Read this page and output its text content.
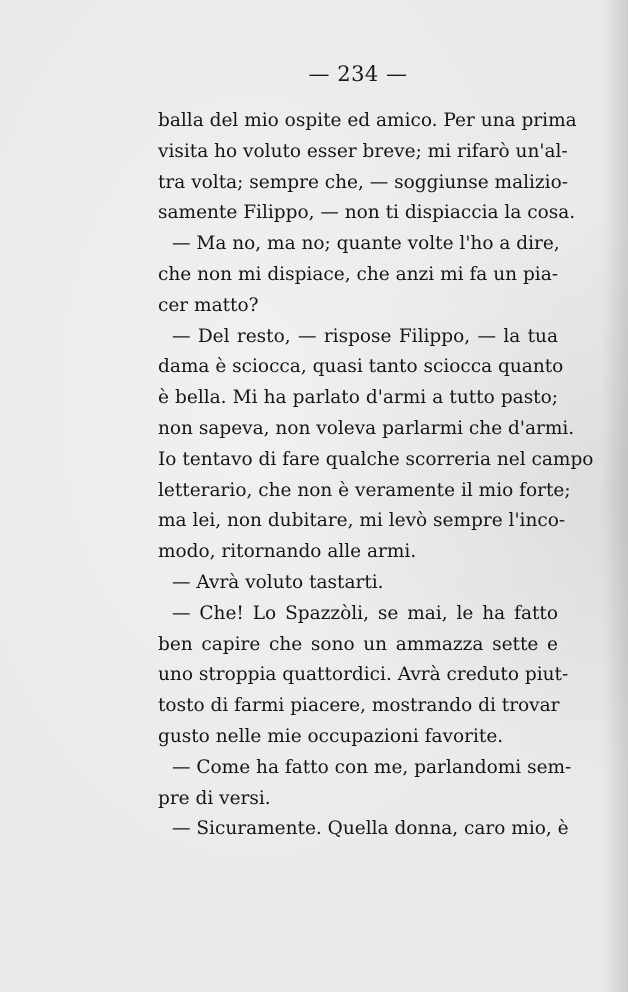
— 234 —
balla del mio ospite ed amico. Per una prima
visita ho voluto esser breve; mi rifarò un'al-
tra volta; sempre che, — soggiunse malizio-
samente Filippo, — non ti dispiaccia la cosa.
— Ma no, ma no; quante volte l'ho a dire,
che non mi dispiace, che anzi mi fa un pia-
cer matto?
— Del resto, — rispose Filippo, — la tua
dama è sciocca, quasi tanto sciocca quanto
è bella. Mi ha parlato d'armi a tutto pasto;
non sapeva, non voleva parlarmi che d'armi.
Io tentavo di fare qualche scorreria nel campo
letterario, che non è veramente il mio forte;
ma lei, non dubitare, mi levò sempre l'inco-
modo, ritornando alle armi.
— Avrà voluto tastarti.
— Che! Lo Spazzòli, se mai, le ha fatto
ben capire che sono un ammazza sette e
uno stroppia quattordici. Avrà creduto piut-
tosto di farmi piacere, mostrando di trovar
gusto nelle mie occupazioni favorite.
— Come ha fatto con me, parlandomi sem-
pre di versi.
— Sicuramente. Quella donna, caro mio, è
